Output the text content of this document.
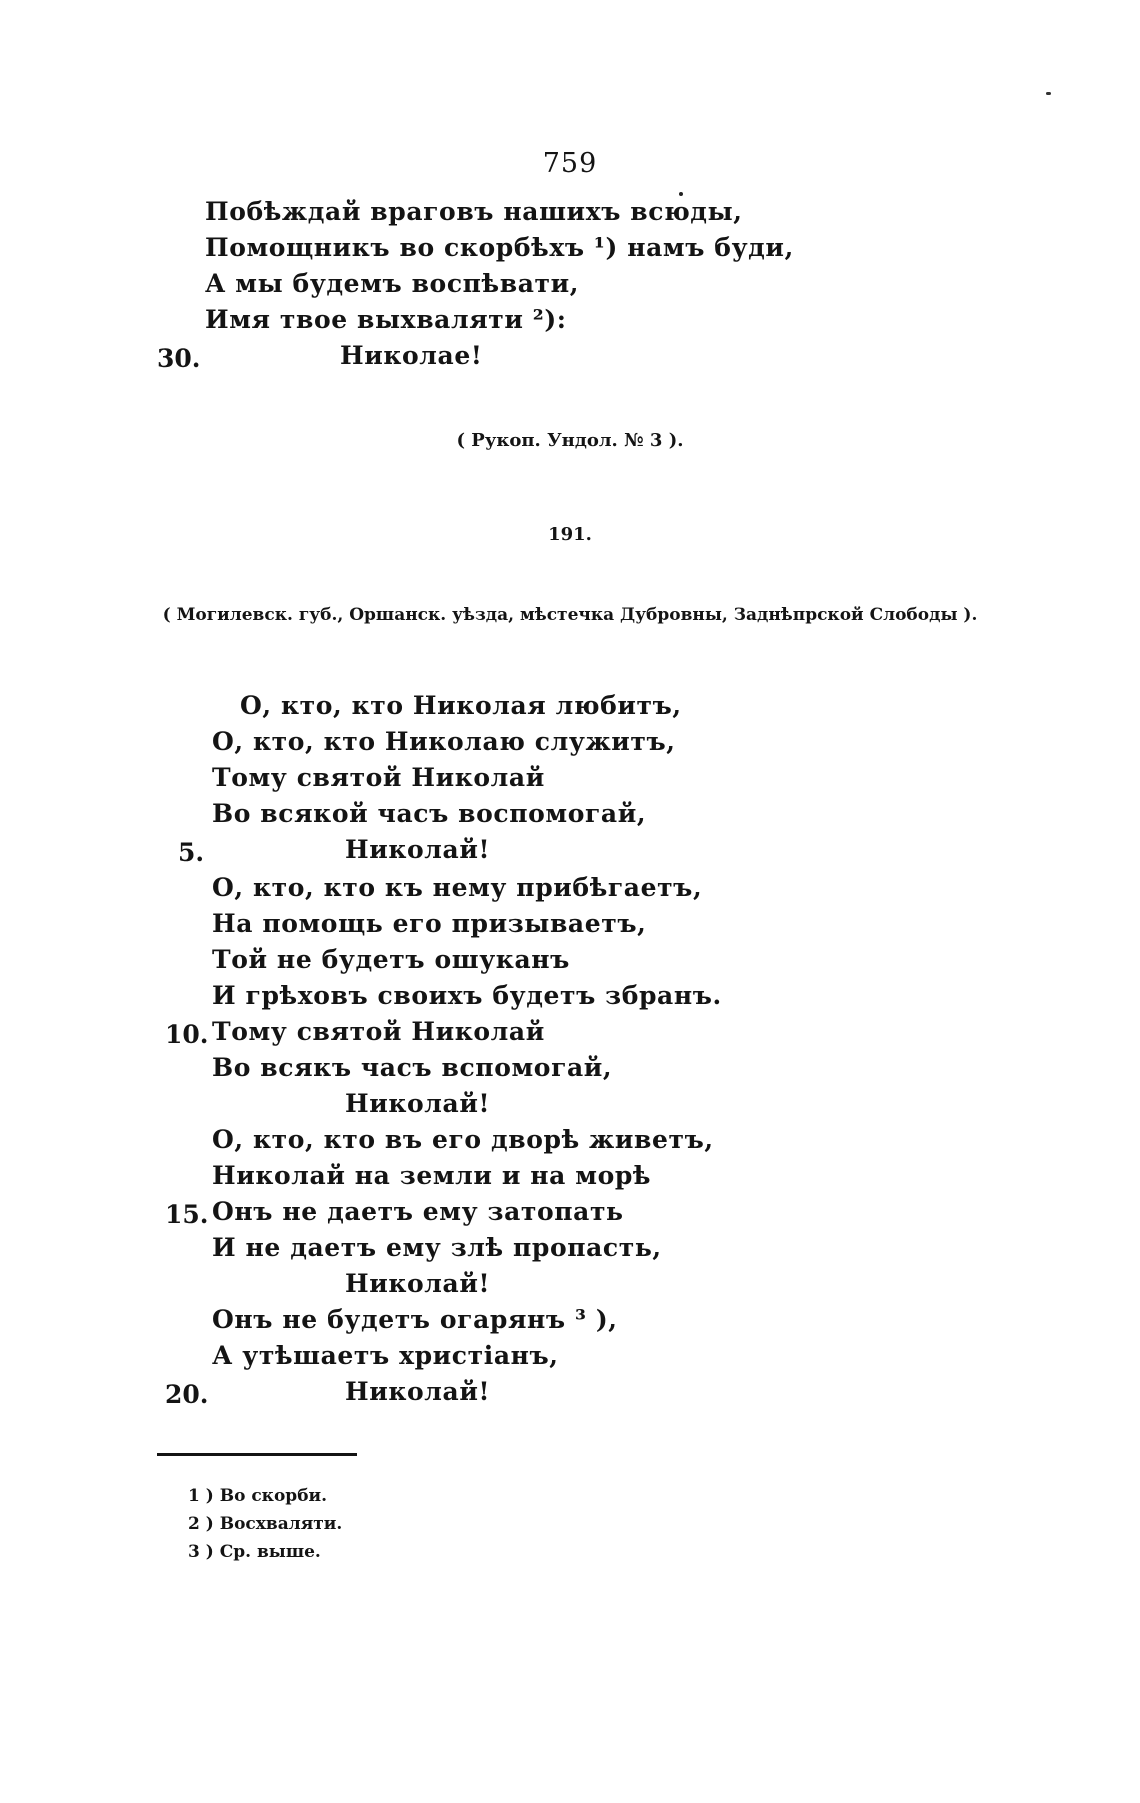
759
Побѣждай враговъ нашихъ всюды,
Помощникъ во скорбѣхъ ¹) намъ буди,
А мы будемъ воспѣвати,
Имя твое выхваляти ²):
30.	Николае!
( Рукоп. Ундол. № 3 ).
191.
( Могилевск. губ., Оршанск. уѣзда, мѣстечка Дубровны, Заднѣпрской Слободы ).
О, кто, кто Николая любитъ,
О, кто, кто Николаю служитъ,
Тому святой Николай
Во всякой часъ воспомогай,
5.	Николай!
О, кто, кто къ нему прибѣгаетъ,
На помощь его призываетъ,
Той не будетъ ошуканъ
И грѣховъ своихъ будетъ збранъ.
10. Тому святой Николай
Во всякъ часъ вспомогай,
Николай!
О, кто, кто въ его дворѣ живетъ,
Николай на земли и на морѣ
15. Онъ не даетъ ему затопать
И не даетъ ему злѣ пропасть,
Николай!
Онъ не будетъ огарянъ ³ ),
А утѣшаетъ христіанъ,
20.	Николай!
1 ) Во скорби.
2 ) Восхваляти.
3 ) Ср. выше.
